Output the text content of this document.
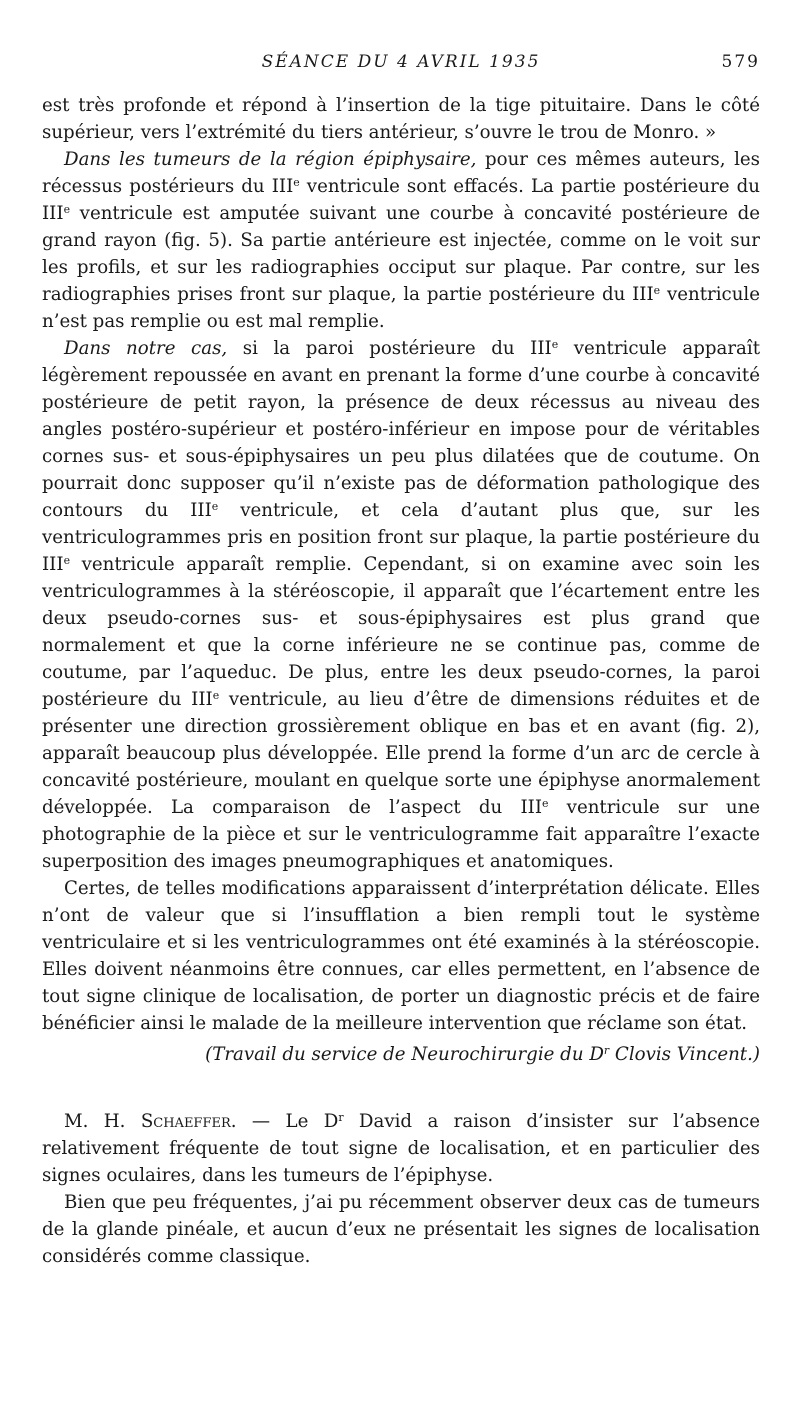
SÉANCE DU 4 AVRIL 1935	579

est très profonde et répond à l’insertion de la tige pituitaire. Dans le côté supérieur, vers l’extrémité du tiers antérieur, s’ouvre le trou de Monro. »

Dans les tumeurs de la région épiphysaire, pour ces mêmes auteurs, les récessus postérieurs du IIIe ventricule sont effacés. La partie postérieure du IIIe ventricule est amputée suivant une courbe à concavité postérieure de grand rayon (fig. 5). Sa partie antérieure est injectée, comme on le voit sur les profils, et sur les radiographies occiput sur plaque. Par contre, sur les radiographies prises front sur plaque, la partie postérieure du IIIe ventricule n’est pas remplie ou est mal remplie.

Dans notre cas, si la paroi postérieure du IIIe ventricule apparaît légèrement repoussée en avant en prenant la forme d’une courbe à concavité postérieure de petit rayon, la présence de deux récessus au niveau des angles postéro-supérieur et postéro-inférieur en impose pour de véritables cornes sus- et sous-épiphysaires un peu plus dilatées que de coutume. On pourrait donc supposer qu’il n’existe pas de déformation pathologique des contours du IIIe ventricule, et cela d’autant plus que, sur les ventriculogrammes pris en position front sur plaque, la partie postérieure du IIIe ventricule apparaît remplie. Cependant, si on examine avec soin les ventriculogrammes à la stéréoscopie, il apparaît que l’écartement entre les deux pseudo-cornes sus- et sous-épiphysaires est plus grand que normalement et que la corne inférieure ne se continue pas, comme de coutume, par l’aqueduc. De plus, entre les deux pseudo-cornes, la paroi postérieure du IIIe ventricule, au lieu d’être de dimensions réduites et de présenter une direction grossièrement oblique en bas et en avant (fig. 2), apparaît beaucoup plus développée. Elle prend la forme d’un arc de cercle à concavité postérieure, moulant en quelque sorte une épiphyse anormalement développée. La comparaison de l’aspect du IIIe ventricule sur une photographie de la pièce et sur le ventriculogramme fait apparaître l’exacte superposition des images pneumographiques et anatomiques.

Certes, de telles modifications apparaissent d’interprétation délicate. Elles n’ont de valeur que si l’insufflation a bien rempli tout le système ventriculaire et si les ventriculogrammes ont été examinés à la stéréoscopie. Elles doivent néanmoins être connues, car elles permettent, en l’absence de tout signe clinique de localisation, de porter un diagnostic précis et de faire bénéficier ainsi le malade de la meilleure intervention que réclame son état.

(Travail du service de Neurochirurgie du $D^r$ Clovis Vincent.)

M. H. Schaeffer. — Le $D^r$ David a raison d’insister sur l’absence relativement fréquente de tout signe de localisation, et en particulier des signes oculaires, dans les tumeurs de l’épiphyse.

Bien que peu fréquentes, j’ai pu récemment observer deux cas de tumeurs de la glande pinéale, et aucun d’eux ne présentait les signes de localisation considérés comme classique.
